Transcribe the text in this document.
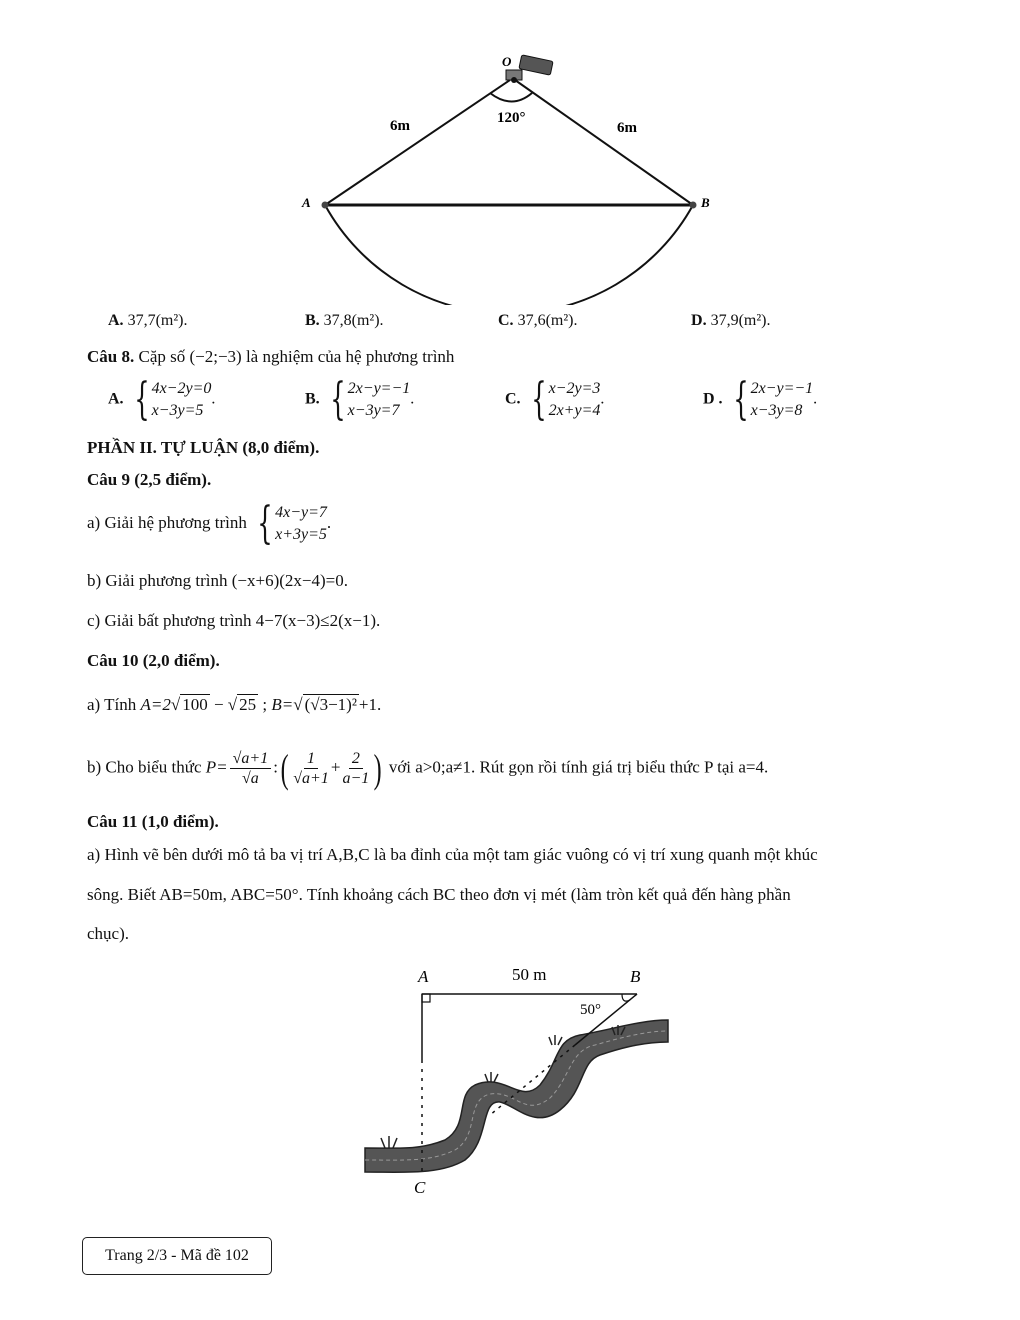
O
A	B
6m	6m
120°
A. 37,7(m²).	B. 37,8(m²).	C. 37,6(m²).	D. 37,9(m²).
Câu 8. Cặp số (−2;−3) là nghiệm của hệ phương trình
A. { 4x−2y=0
x−3y=5
.	B. { 2x−y=−1
x−3y=7
.	C. { x−2y=3
2x+y=4
.	D . { 2x−y=−1
x−3y=8
.
PHẦN II. TỰ LUẬN (8,0 điểm).
Câu 9 (2,5 điểm).
a) Giải hệ phương trình { 4x−y=7
x+3y=5
.
b) Giải phương trình (−x+6)(2x−4)=0.
c) Giải bất phương trình 4−7(x−3)≤2(x−1).
Câu 10 (2,0 điểm).
a) Tính A=2√ 100 − √ 25 ; B=√ (√3−1)² +1.
b) Cho biểu thức $P= \frac{√a+1}{√a}$ :( $\frac{1}{√a+1} + \frac{2}{a-1}$ ) với a>0;a≠1. Rút gọn rồi tính giá trị biểu thức P tại a=4.
Câu 11 (1,0 điểm).
a) Hình vẽ bên dưới mô tả ba vị trí A,B,C là ba đỉnh của một tam giác vuông có vị trí xung quanh một khúc
sông. Biết AB=50m, ABC=50°. Tính khoảng cách BC theo đơn vị mét (làm tròn kết quả đến hàng phần
chục).
A	B
C
50 m
50°
Trang 2/3 - Mã đề 102
